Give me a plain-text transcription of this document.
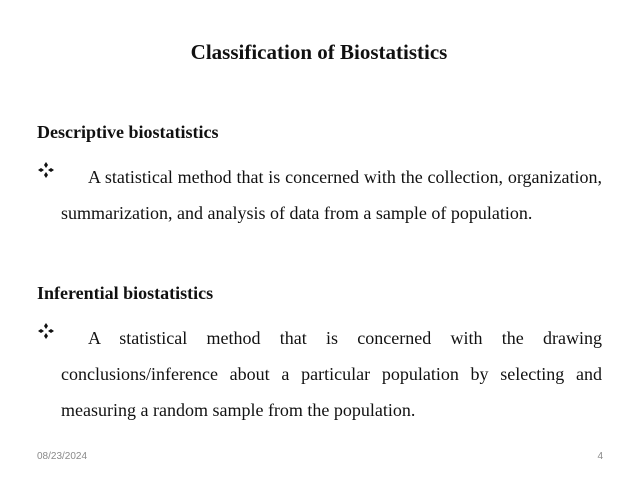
Classification of Biostatistics
Descriptive biostatistics

A statistical method that is concerned with the collection, organization, summarization, and analysis of data from a sample of population.

Inferential biostatistics

A statistical method that is concerned with the drawing conclusions/inference about a particular population by selecting and measuring a random sample from the population.

08/23/2024	4
